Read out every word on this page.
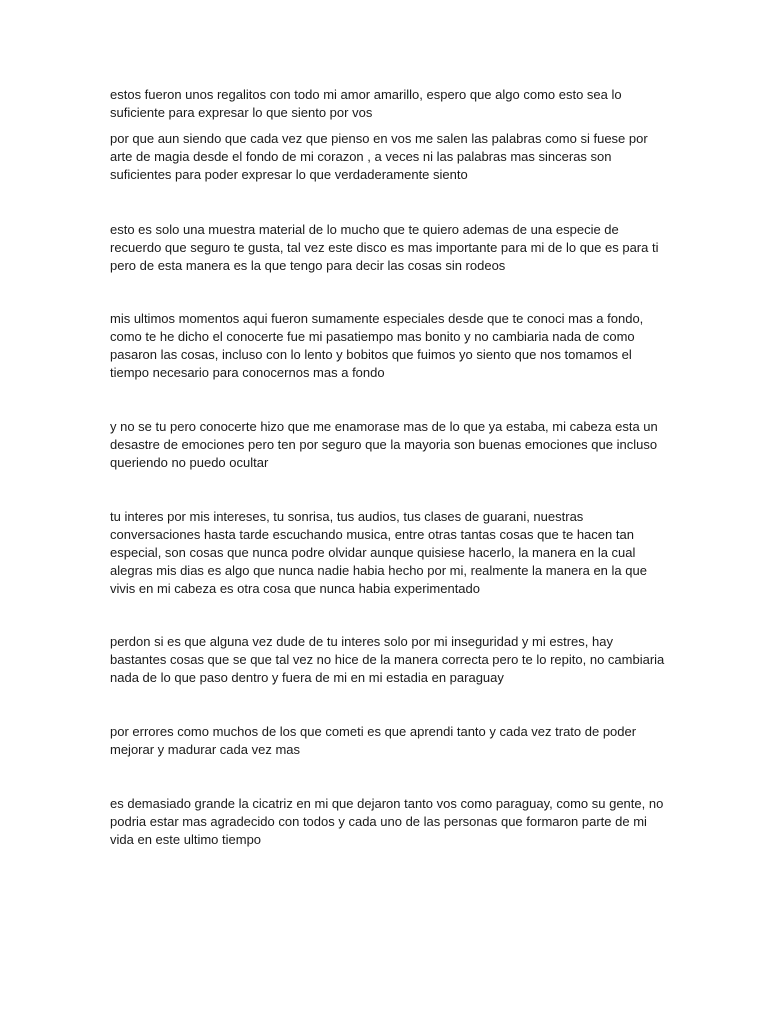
estos fueron unos regalitos con todo mi amor amarillo, espero que algo como esto sea lo suficiente para expresar lo que siento por vos

por que aun siendo que cada vez que pienso en vos me salen las palabras como si fuese por arte de magia desde el fondo de mi corazon , a veces ni las palabras mas sinceras son suficientes para poder expresar lo que verdaderamente siento

esto es solo una muestra material de lo mucho que te quiero ademas de una especie de recuerdo que seguro te gusta, tal vez este disco es mas importante para mi de lo que es para ti pero de esta manera es la que tengo para decir las cosas sin rodeos

mis ultimos momentos aqui fueron sumamente especiales desde que te conoci mas a fondo, como te he dicho el conocerte fue mi pasatiempo mas bonito y no cambiaria nada de como pasaron las cosas, incluso con lo lento y bobitos que fuimos yo siento que nos tomamos el tiempo necesario para conocernos mas a fondo

y no se tu pero conocerte hizo que me enamorase mas de lo que ya estaba, mi cabeza esta un desastre de emociones pero ten por seguro que la mayoria son buenas emociones que incluso queriendo no puedo ocultar

tu interes por mis intereses, tu sonrisa, tus audios, tus clases de guarani, nuestras conversaciones hasta tarde escuchando musica, entre otras tantas cosas que te hacen tan especial, son cosas que nunca podre olvidar aunque quisiese hacerlo, la manera en la cual alegras mis dias es algo que nunca nadie habia hecho por mi, realmente la manera en la que vivis en mi cabeza es otra cosa que nunca habia experimentado

perdon si es que alguna vez dude de tu interes solo por mi inseguridad y mi estres, hay bastantes cosas que se que tal vez no hice de la manera correcta pero te lo repito, no cambiaria nada de lo que paso dentro y fuera de mi en mi estadia en paraguay

por errores como muchos de los que cometi es que aprendi tanto y cada vez trato de poder mejorar y madurar cada vez mas

es demasiado grande la cicatriz en mi que dejaron tanto vos como paraguay, como su gente, no podria estar mas agradecido con todos y cada uno de las personas que formaron parte de mi vida en este ultimo tiempo
